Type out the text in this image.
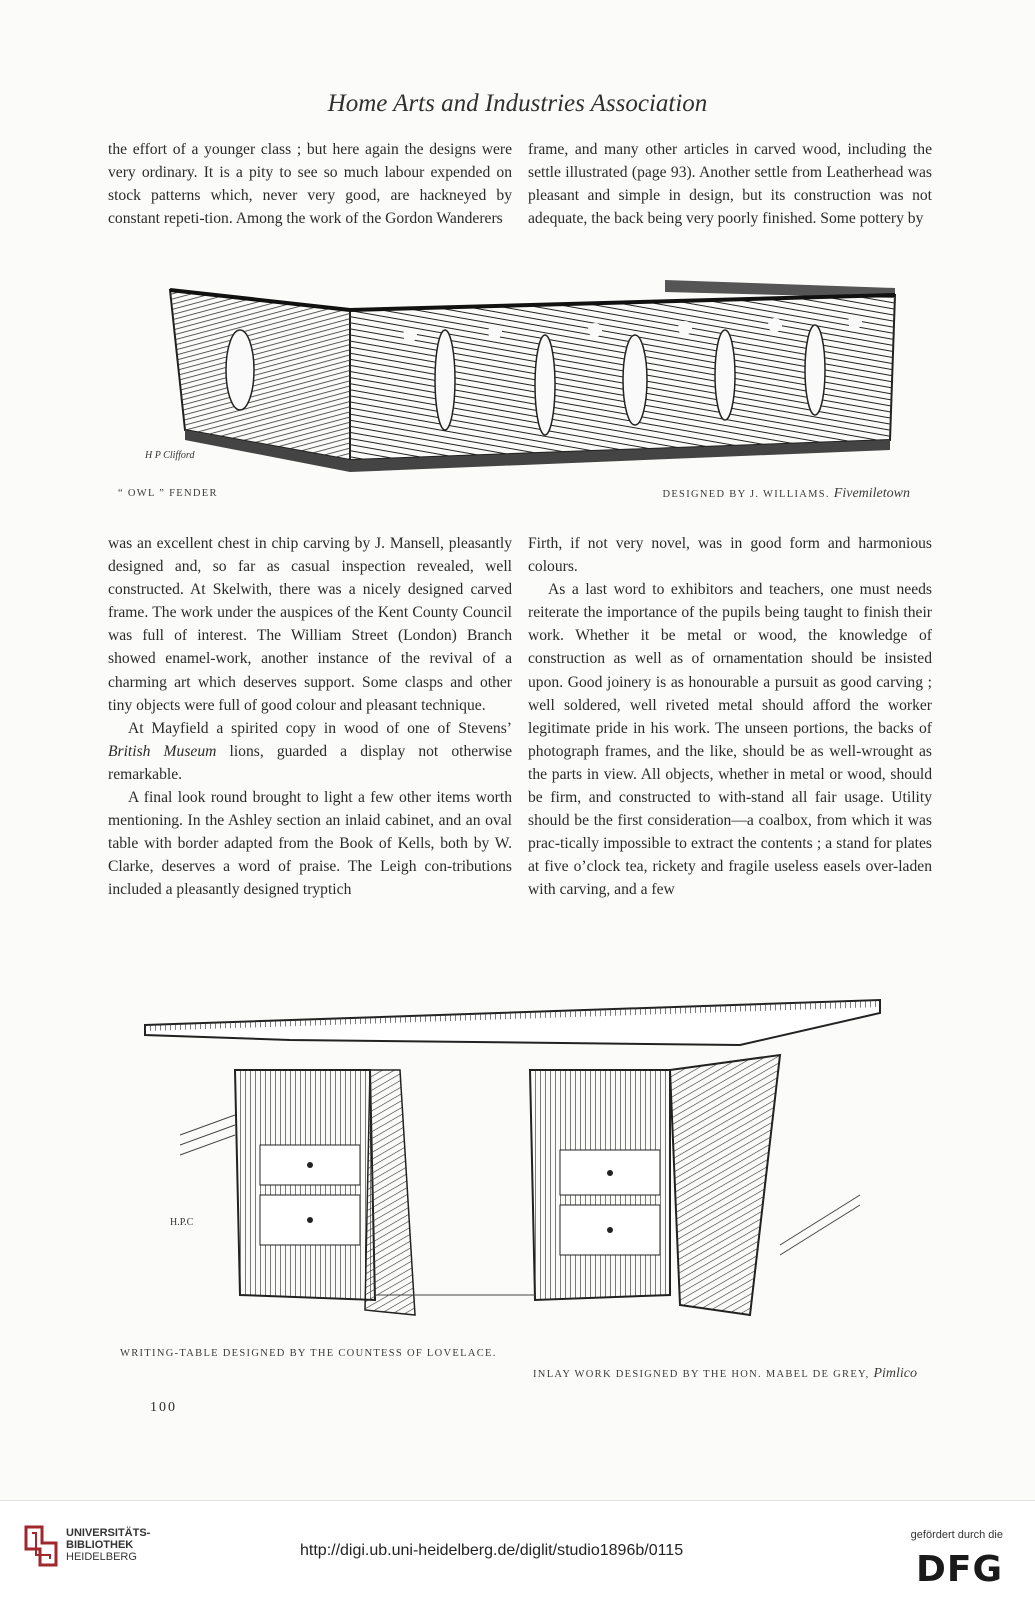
Home Arts and Industries Association

the effort of a younger class ; but here again the designs were very ordinary. It is a pity to see so much labour expended on stock patterns which, never very good, are hackneyed by constant repeti-tion. Among the work of the Gordon Wanderers

frame, and many other articles in carved wood, including the settle illustrated (page 93). Another settle from Leatherhead was pleasant and simple in design, but its construction was not adequate, the back being very poorly finished. Some pottery by

H P Clifford
“ OWL ” FENDER	DESIGNED BY J. WILLIAMS. Fivemiletown

was an excellent chest in chip carving by J. Mansell, pleasantly designed and, so far as casual inspection revealed, well constructed. At Skelwith, there was a nicely designed carved frame. The work under the auspices of the Kent County Council was full of interest. The William Street (London) Branch showed enamel-work, another instance of the revival of a charming art which deserves support. Some clasps and other tiny objects were full of good colour and pleasant technique.

At Mayfield a spirited copy in wood of one of Stevens’ British Museum lions, guarded a display not otherwise remarkable.

A final look round brought to light a few other items worth mentioning. In the Ashley section an inlaid cabinet, and an oval table with border adapted from the Book of Kells, both by W. Clarke, deserves a word of praise. The Leigh con-tributions included a pleasantly designed tryptich

Firth, if not very novel, was in good form and harmonious colours.

As a last word to exhibitors and teachers, one must needs reiterate the importance of the pupils being taught to finish their work. Whether it be metal or wood, the knowledge of construction as well as of ornamentation should be insisted upon. Good joinery is as honourable a pursuit as good carving ; well soldered, well riveted metal should afford the worker legitimate pride in his work. The unseen portions, the backs of photograph frames, and the like, should be as well-wrought as the parts in view. All objects, whether in metal or wood, should be firm, and constructed to with-stand all fair usage. Utility should be the first consideration—a coalbox, from which it was prac-tically impossible to extract the contents ; a stand for plates at five o’clock tea, rickety and fragile useless easels over-laden with carving, and a few

H.P.C
WRITING-TABLE DESIGNED BY THE COUNTESS OF LOVELACE.
INLAY WORK DESIGNED BY THE HON. MABEL DE GREY, Pimlico
100
UNIVERSITÄTS-
BIBLIOTHEK
HEIDELBERG	http://digi.ub.uni-heidelberg.de/diglit/studio1896b/0115
gefördert durch die
DFG
